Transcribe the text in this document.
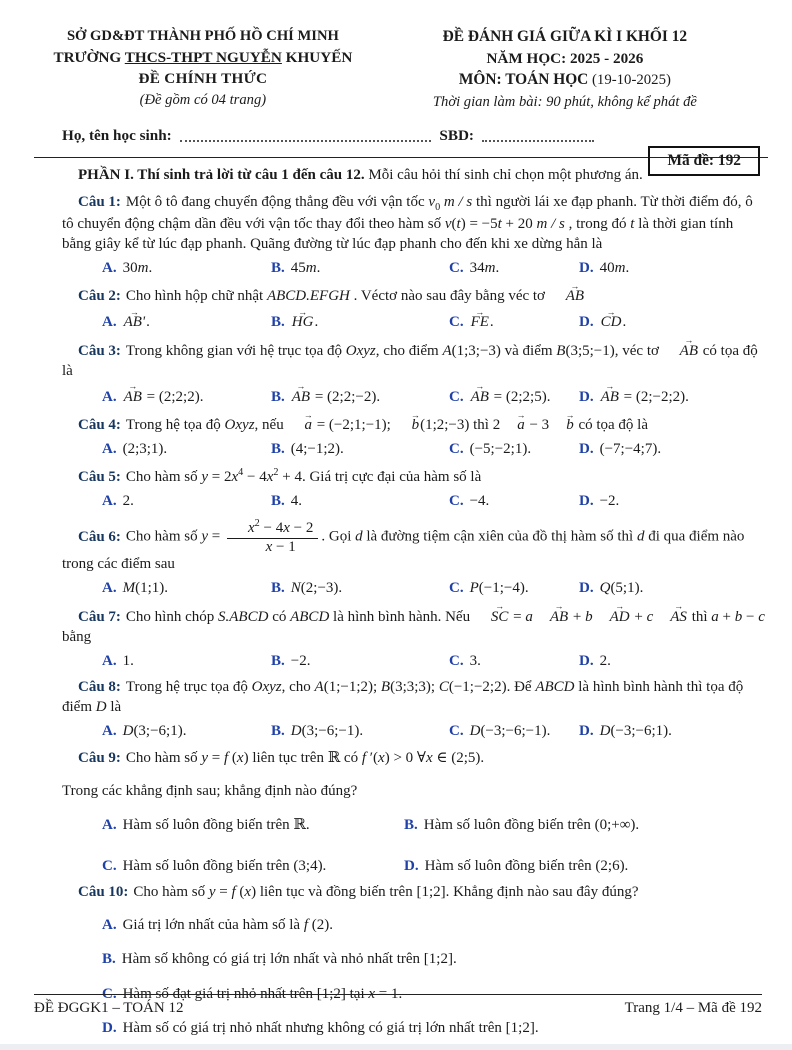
SỞ GD&ĐT THÀNH PHỐ HỒ CHÍ MINH
TRƯỜNG THCS-THPT NGUYỄN KHUYẾN
ĐỀ CHÍNH THỨC
(Đề gồm có 04 trang)
ĐỀ ĐÁNH GIÁ GIỮA KÌ I KHỐI 12
NĂM HỌC: 2025 - 2026
MÔN: TOÁN HỌC (19-10-2025)
Thời gian làm bài: 90 phút, không kể phát đề
Họ, tên học sinh:	SBD:
Mã đề: 192
PHẦN I. Thí sinh trả lời từ câu 1 đến câu 12. Mỗi câu hỏi thí sinh chỉ chọn một phương án.
Câu 1: Một ô tô đang chuyển động thẳng đều với vận tốc $v_0$ m / s thì người lái xe đạp phanh. Từ thời điểm đó, ô tô chuyển động chậm dần đều với vận tốc thay đổi theo hàm số v(t) = −5t + 20 m / s , trong đó t là thời gian tính bằng giây kể từ lúc đạp phanh. Quãng đường từ lúc đạp phanh cho đến khi xe dừng hẳn là
A. 30m.	B. 45m.	C. 34m.	D. 40m.
Câu 2: Cho hình hộp chữ nhật ABCD.EFGH . Véctơ nào sau đây bằng véc tơ AB →
A. AB' →.	B. HG →.	C. FE →.	D. CD →.
Câu 3: Trong không gian với hệ trục tọa độ Oxyz, cho điểm A(1;3;−3) và điểm B(3;5;−1), véc tơ AB → có tọa độ là
A. AB → = (2;2;2).	B. AB → = (2;2;−2).	C. AB → = (2;2;5).	D. AB → = (2;−2;2).
Câu 4: Trong hệ tọa độ Oxyz, nếu a → = (−2;1;−1); b →(1;2;−3) thì 2 a → − 3 b → có tọa độ là
A. (2;3;1).	B. (4;−1;2).	C. (−5;−2;1).	D. (−7;−4;7).
Câu 5: Cho hàm số $y = 2x^4 - 4x^2 + 4$. Giá trị cực đại của hàm số là
A. 2.	B. 4.	C. −4.	D. −2.
Câu 6: Cho hàm số $y = \frac{x^2 - 4x - 2}{x - 1}$ . Gọi d là đường tiệm cận xiên của đồ thị hàm số thì d đi qua điểm nào trong các điểm sau
A. M(1;1).	B. N(2;−3).	C. P(−1;−4).	D. Q(5;1).
Câu 7: Cho hình chóp S.ABCD có ABCD là hình bình hành. Nếu SC → = a AB → + b AD → + c AS → thì a + b − c bằng
A. 1.	B. −2.	C. 3.	D. 2.
Câu 8: Trong hệ trục tọa độ Oxyz, cho A(1;−1;2); B(3;3;3); C(−1;−2;2). Để ABCD là hình bình hành thì tọa độ điểm D là
A. D(3;−6;1).	B. D(3;−6;−1).	C. D(−3;−6;−1).	D. D(−3;−6;1).
Câu 9: Cho hàm số y = f (x) liên tục trên ℝ có f ′(x) > 0 ∀x ∈ (2;5).
Trong các khẳng định sau; khẳng định nào đúng?
A. Hàm số luôn đồng biến trên ℝ.	B. Hàm số luôn đồng biến trên (0;+∞).
C. Hàm số luôn đồng biến trên (3;4).	D. Hàm số luôn đồng biến trên (2;6).
Câu 10: Cho hàm số y = f (x) liên tục và đồng biến trên [1;2]. Khẳng định nào sau đây đúng?
A. Giá trị lớn nhất của hàm số là f (2).
B. Hàm số không có giá trị lớn nhất và nhỏ nhất trên [1;2].
C. Hàm số đạt giá trị nhỏ nhất trên [1;2] tại x = 1.
D. Hàm số có giá trị nhỏ nhất nhưng không có giá trị lớn nhất trên [1;2].
ĐỀ ĐGGK1 – TOÁN 12	Trang 1/4 – Mã đề 192
